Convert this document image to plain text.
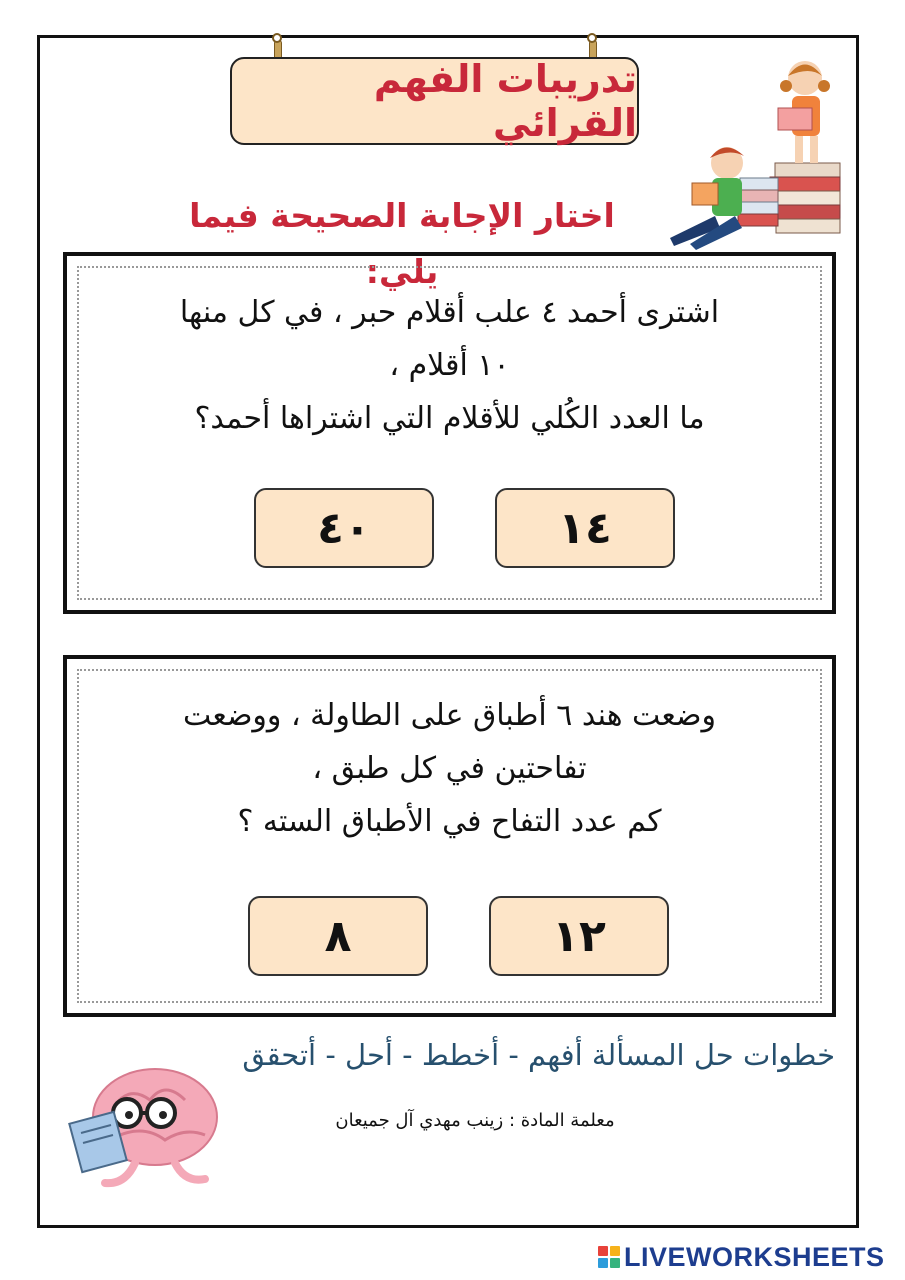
تدريبات الفهم القرائي
اختار الإجابة الصحيحة فيما يلي:
اشترى أحمد ٤ علب أقلام حبر ، في كل منها
١٠ أقلام ،
ما العدد الكُلي للأقلام التي اشتراها أحمد؟
٤٠	١٤
وضعت هند ٦ أطباق على الطاولة ، ووضعت
تفاحتين في كل طبق ،
كم عدد التفاح في الأطباق السته ؟
٨	١٢
خطوات حل المسألة أفهم - أخطط - أحل - أتحقق
معلمة المادة : زينب مهدي آل جميعان
LIVEWORKSHEETS
